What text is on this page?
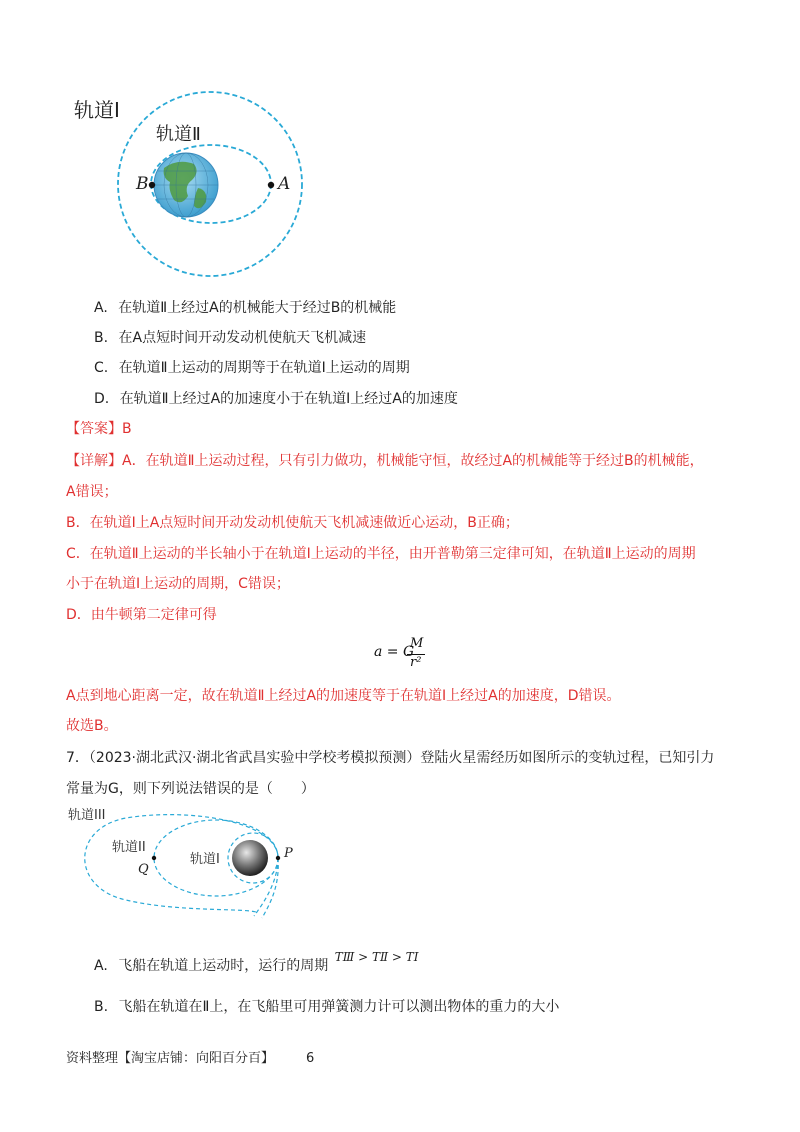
轨道Ⅰ
轨道Ⅱ
B	A
A. 在轨道Ⅱ上经过A的机械能大于经过B的机械能
B. 在A点短时间开动发动机使航天飞机减速
C. 在轨道Ⅱ上运动的周期等于在轨道Ⅰ上运动的周期
D. 在轨道Ⅱ上经过A的加速度小于在轨道Ⅰ上经过A的加速度
【答案】B
【详解】A．在轨道Ⅱ上运动过程，只有引力做功，机械能守恒，故经过A的机械能等于经过B的机械能，
A错误；
B．在轨道Ⅰ上A点短时间开动发动机使航天飞机减速做近心运动，B正确；
C．在轨道Ⅱ上运动的半长轴小于在轨道Ⅰ上运动的半径，由开普勒第三定律可知，在轨道Ⅱ上运动的周期
小于在轨道Ⅰ上运动的周期，C错误；
D．由牛顿第二定律可得
a = G
M
r²
A点到地心距离一定，故在轨道Ⅱ上经过A的加速度等于在轨道Ⅰ上经过A的加速度，D错误。
故选B。
7．（2023·湖北武汉·湖北省武昌实验中学校考模拟预测）登陆火星需经历如图所示的变轨过程，已知引力
常量为G，则下列说法错误的是（　　）
轨道III
轨道II
轨道I
Q
P
A. 飞船在轨道上运动时，运行的周期 TⅢ > TⅡ > TⅠ
B. 飞船在轨道在Ⅱ上，在飞船里可用弹簧测力计可以测出物体的重力的大小
资料整理【淘宝店铺：向阳百分百】 6
